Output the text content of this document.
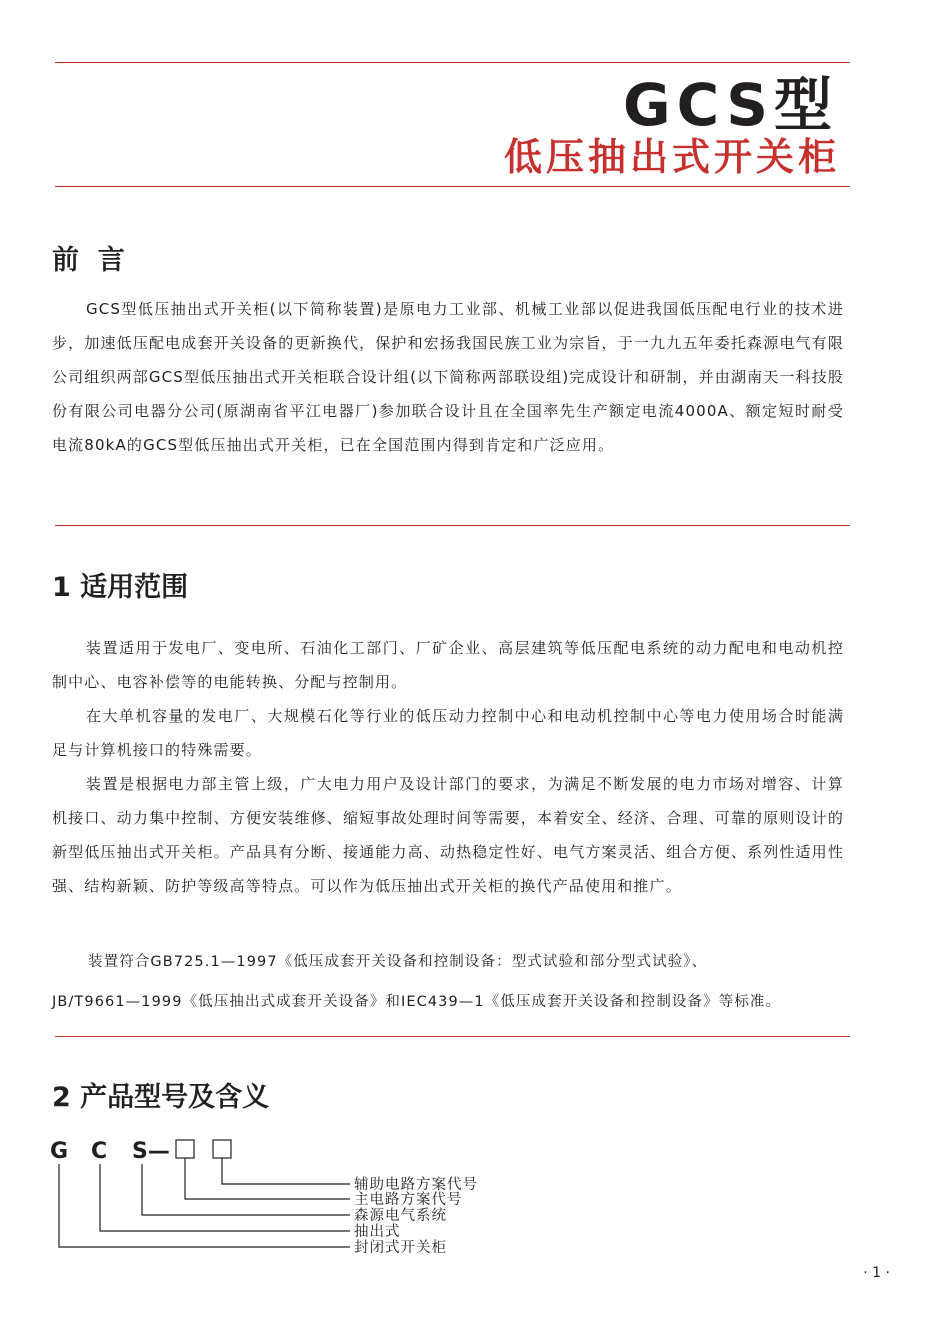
GCS型
低压抽出式开关柜
前  言

GCS型低压抽出式开关柜(以下简称装置)是原电力工业部、机械工业部以促进我国低压配电行业的技术进步，加速低压配电成套开关设备的更新换代，保护和宏扬我国民族工业为宗旨，于一九九五年委托森源电气有限公司组织两部GCS型低压抽出式开关柜联合设计组(以下简称两部联设组)完成设计和研制，并由湖南天一科技股份有限公司电器分公司(原湖南省平江电器厂)参加联合设计且在全国率先生产额定电流4000A、额定短时耐受电流80kA的GCS型低压抽出式开关柜，已在全国范围内得到肯定和广泛应用。

1 适用范围

装置适用于发电厂、变电所、石油化工部门、厂矿企业、高层建筑等低压配电系统的动力配电和电动机控制中心、电容补偿等的电能转换、分配与控制用。

在大单机容量的发电厂、大规模石化等行业的低压动力控制中心和电动机控制中心等电力使用场合时能满足与计算机接口的特殊需要。

装置是根据电力部主管上级，广大电力用户及设计部门的要求，为满足不断发展的电力市场对增容、计算机接口、动力集中控制、方便安装维修、缩短事故处理时间等需要，本着安全、经济、合理、可靠的原则设计的新型低压抽出式开关柜。产品具有分断、接通能力高、动热稳定性好、电气方案灵活、组合方便、系列性适用性强、结构新颖、防护等级高等特点。可以作为低压抽出式开关柜的换代产品使用和推广。

装置符合GB725.1—1997《低压成套开关设备和控制设备：型式试验和部分型式试验》、

JB/T9661—1999《低压抽出式成套开关设备》和IEC439—1《低压成套开关设备和控制设备》等标准。

2 产品型号及含义
G C S—
辅助电路方案代号
主电路方案代号
森源电气系统
抽出式
封闭式开关柜
· 1 ·
